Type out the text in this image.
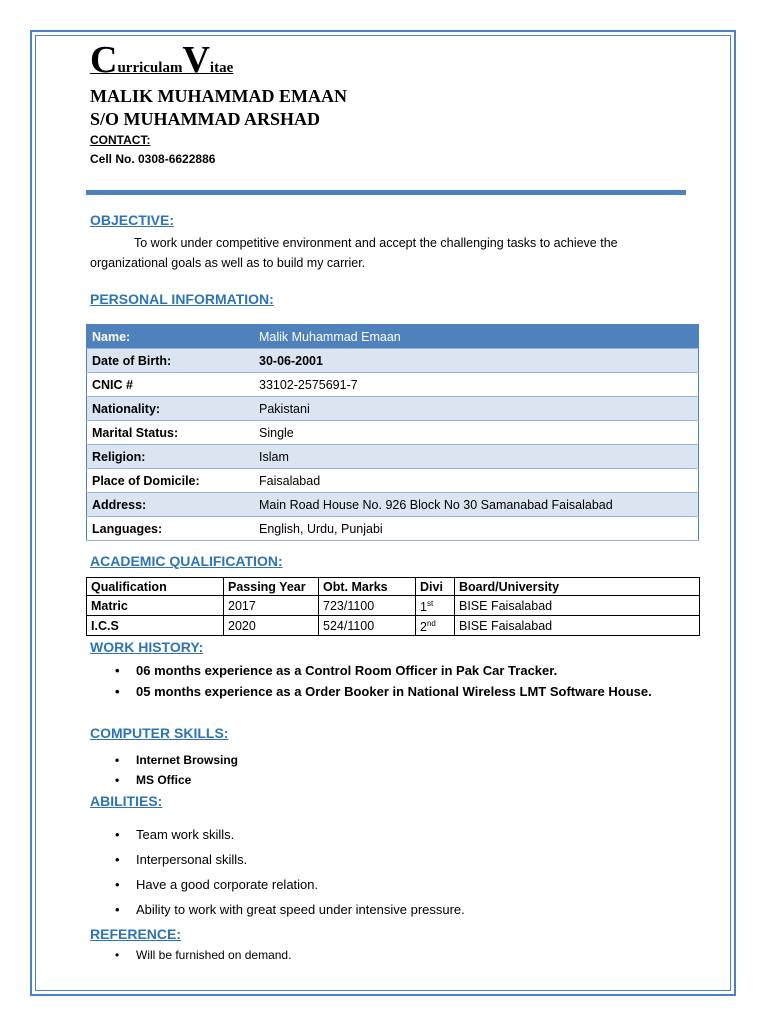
CurriculamVitae
MALIK MUHAMMAD EMAAN
S/O MUHAMMAD ARSHAD
CONTACT:
Cell No. 0308-6622886
OBJECTIVE:
To work under competitive environment and accept the challenging tasks to achieve the organizational goals as well as to build my carrier.
PERSONAL INFORMATION:
Name:	Malik Muhammad Emaan
Date of Birth:	30-06-2001
CNIC #	33102-2575691-7
Nationality:	Pakistani
Marital Status:	Single
Religion:	Islam
Place of Domicile:	Faisalabad
Address:	Main Road House No. 926 Block No 30 Samanabad Faisalabad
Languages:	English, Urdu, Punjabi
ACADEMIC QUALIFICATION:
Qualification	Passing Year	Obt. Marks	Divi	Board/University
Matric	2017	723/1100	1st	BISE Faisalabad
I.C.S	2020	524/1100	2nd	BISE Faisalabad
WORK HISTORY:
• 06 months experience as a Control Room Officer in Pak Car Tracker.
• 05 months experience as a Order Booker in National Wireless LMT Software House.
COMPUTER SKILLS:
• Internet Browsing
• MS Office
ABILITIES:
• Team work skills.
• Interpersonal skills.
• Have a good corporate relation.
• Ability to work with great speed under intensive pressure.
REFERENCE:
• Will be furnished on demand.
